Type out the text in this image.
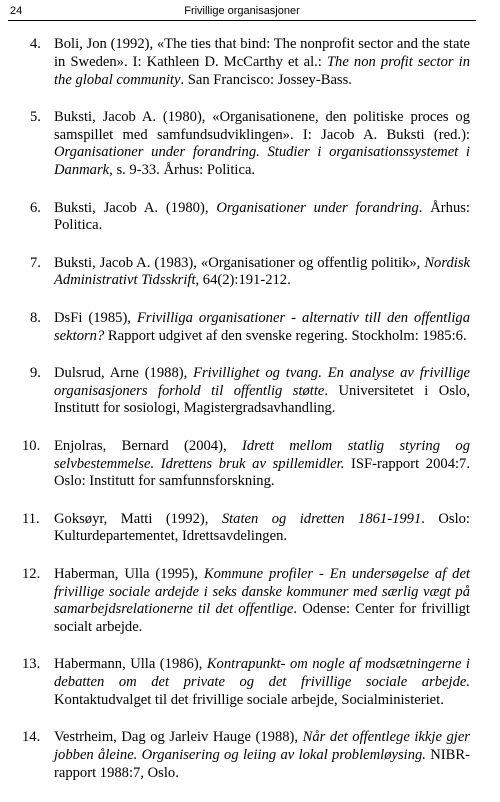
24	Frivillige organisasjoner
4. Boli, Jon (1992), «The ties that bind: The nonprofit sector and the state in Sweden». I: Kathleen D. McCarthy et al.: The non profit sector in the global community. San Francisco: Jossey-Bass.
5. Buksti, Jacob A. (1980), «Organisationene, den politiske proces og samspillet med samfundsudviklingen». I: Jacob A. Buksti (red.): Organisationer under forandring. Studier i organisationssystemet i Danmark, s. 9-33. Århus: Politica.
6. Buksti, Jacob A. (1980), Organisationer under forandring. Århus: Politica.
7. Buksti, Jacob A. (1983), «Organisationer og offentlig politik», Nordisk Administrativt Tidsskrift, 64(2):191-212.
8. DsFi (1985), Frivilliga organisationer - alternativ till den offentliga sektorn? Rapport udgivet af den svenske regering. Stockholm: 1985:6.
9. Dulsrud, Arne (1988), Frivillighet og tvang. En analyse av frivillige organisasjoners forhold til offentlig støtte. Universitetet i Oslo, Institutt for sosiologi, Magistergradsavhandling.
10. Enjolras, Bernard (2004), Idrett mellom statlig styring og selvbestemmelse. Idrettens bruk av spillemidler. ISF-rapport 2004:7. Oslo: Institutt for samfunnsforskning.
11. Goksøyr, Matti (1992), Staten og idretten 1861-1991. Oslo: Kulturdepartementet, Idrettsavdelingen.
12. Haberman, Ulla (1995), Kommune profiler - En undersøgelse af det frivillige sociale ardejde i seks danske kommuner med særlig vægt på samarbejdsrelationerne til det offentlige. Odense: Center for frivilligt socialt arbejde.
13. Habermann, Ulla (1986), Kontrapunkt- om nogle af modsætningerne i debatten om det private og det frivillige sociale arbejde. Kontaktudvalget til det frivillige sociale arbejde, Socialministeriet.
14. Vestrheim, Dag og Jarleiv Hauge (1988), Når det offentlege ikkje gjer jobben åleine. Organisering og leiing av lokal problemløysing. NIBR-rapport 1988:7, Oslo.
